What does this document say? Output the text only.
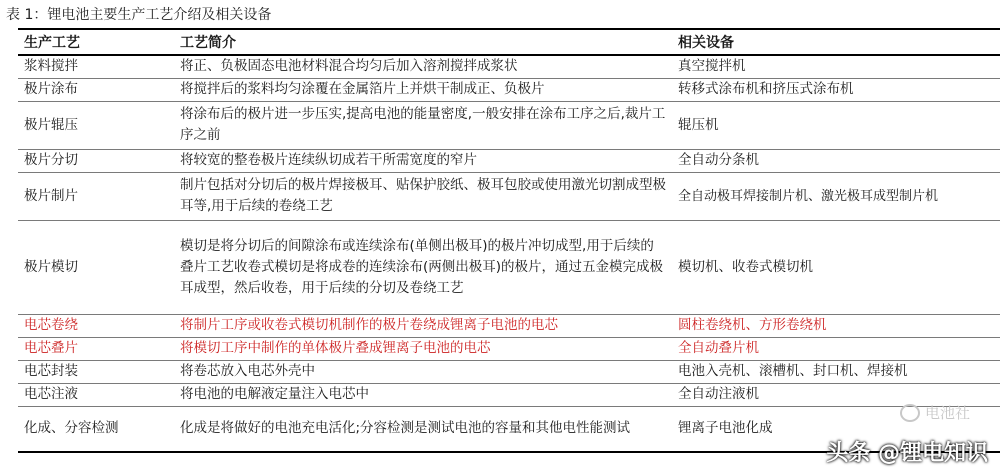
表 1：锂电池主要生产工艺介绍及相关设备
生产工艺	工艺简介	相关设备
浆料搅拌	将正、负极固态电池材料混合均匀后加入溶剂搅拌成浆状	真空搅拌机
极片涂布	将搅拌后的浆料均匀涂覆在金属箔片上并烘干制成正、负极片	转移式涂布机和挤压式涂布机
极片辊压	将涂布后的极片进一步压实,提高电池的能量密度,一般安排在涂布工序之后,裁片工序之前	辊压机
极片分切	将较宽的整卷极片连续纵切成若干所需宽度的窄片	全自动分条机
极片制片	制片包括对分切后的极片焊接极耳、贴保护胶纸、极耳包胶或使用激光切割成型极耳等,用于后续的卷绕工艺	全自动极耳焊接制片机、激光极耳成型制片机
极片模切	模切是将分切后的间隙涂布或连续涂布(单侧出极耳)的极片冲切成型,用于后续的叠片工艺收卷式模切是将成卷的连续涂布(两侧出极耳)的极片，通过五金模完成极耳成型，然后收卷，用于后续的分切及卷绕工艺	模切机、收卷式模切机
电芯卷绕	将制片工序或收卷式模切机制作的极片卷绕成锂离子电池的电芯	圆柱卷绕机、方形卷绕机
电芯叠片	将模切工序中制作的单体极片叠成锂离子电池的电芯	全自动叠片机
电芯封装	将卷芯放入电芯外壳中	电池入壳机、滚槽机、封口机、焊接机
电芯注液	将电池的电解液定量注入电芯中	全自动注液机
化成、分容检测	化成是将做好的电池充电活化;分容检测是测试电池的容量和其他电性能测试	锂离子电池化成
电池社
头条 @锂电知识
